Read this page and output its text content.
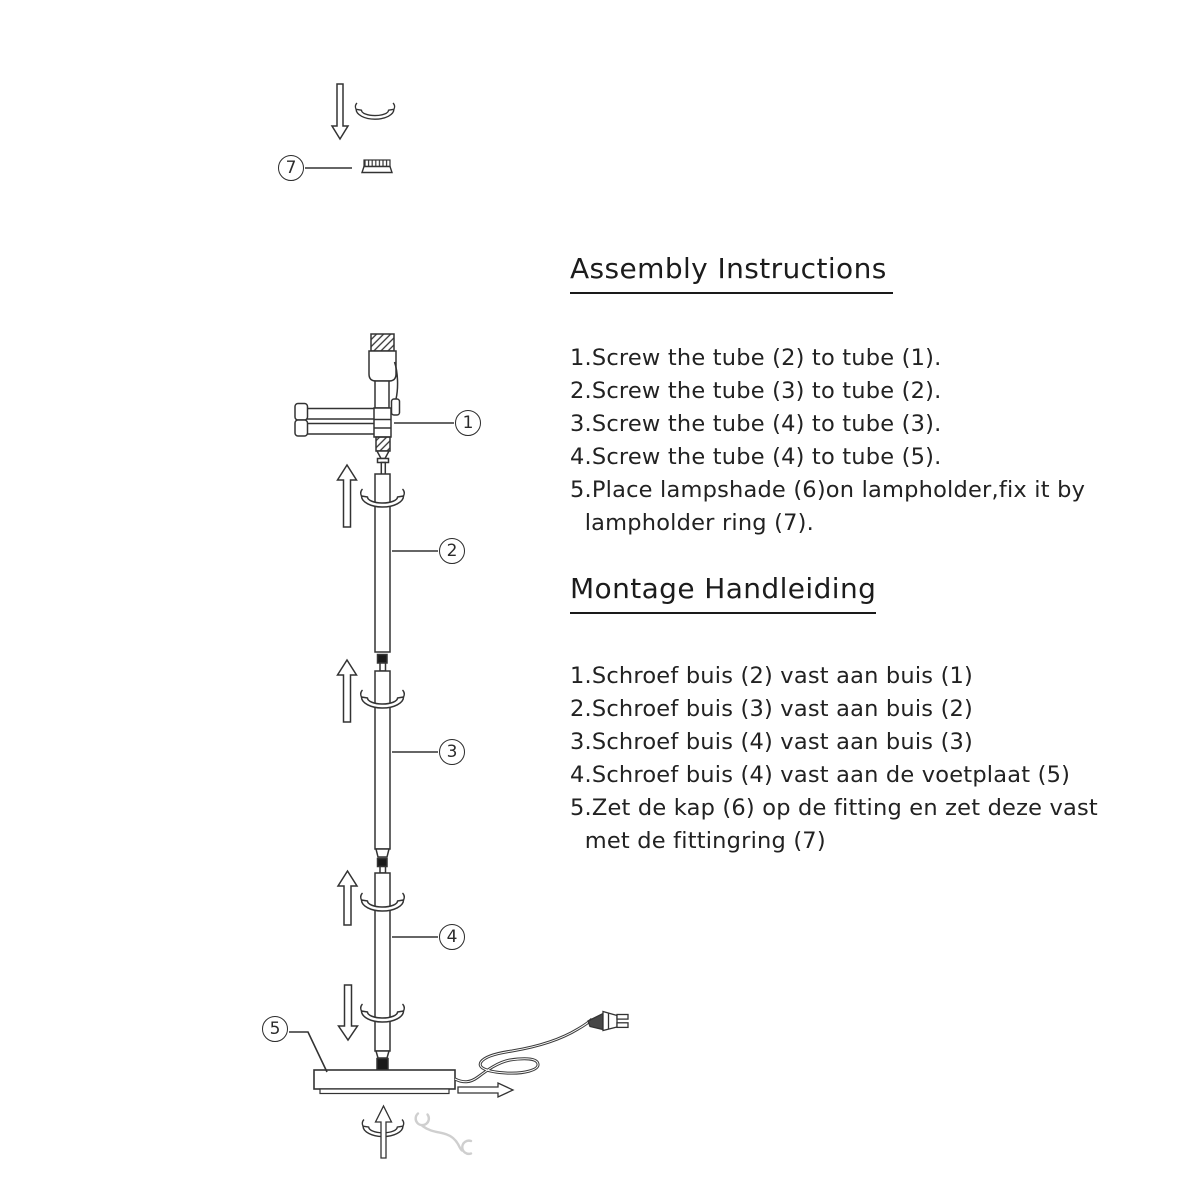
1
2
3
4
5
7
Assembly Instructions
1.Screw the tube (2) to tube (1).
2.Screw the tube (3) to tube (2).
3.Screw the tube (4) to tube (3).
4.Screw the tube (4) to tube (5).
5.Place lampshade (6)on lampholder,fix it by
lampholder ring (7).
Montage Handleiding
1.Schroef buis (2) vast aan buis (1)
2.Schroef buis (3) vast aan buis (2)
3.Schroef buis (4) vast aan buis (3)
4.Schroef buis (4) vast aan de voetplaat (5)
5.Zet de kap (6) op de fitting en zet deze vast
met de fittingring (7)
